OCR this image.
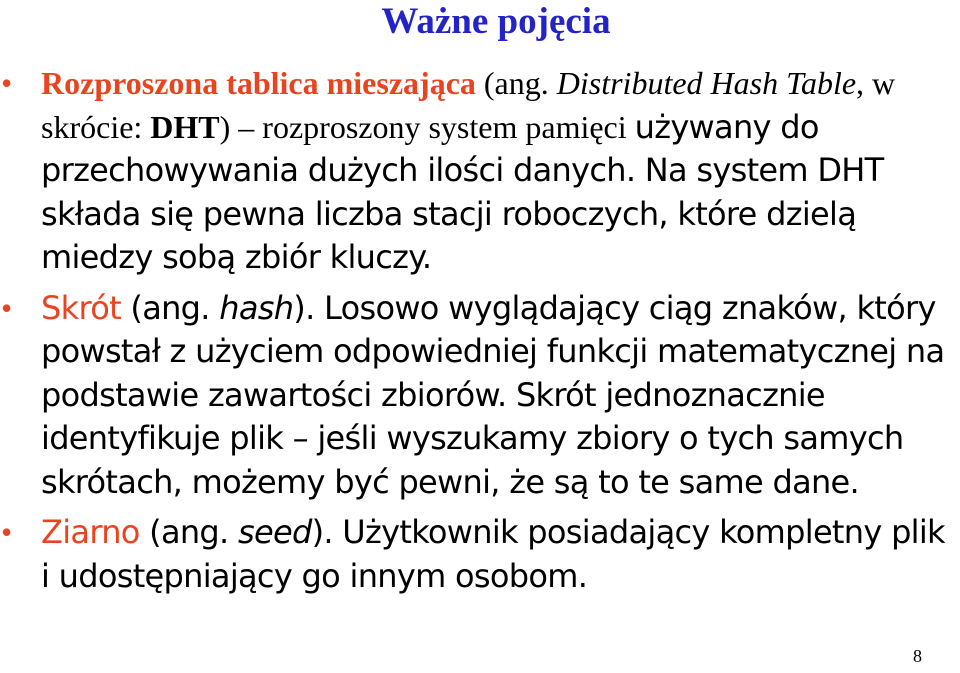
Ważne pojęcia
• Rozproszona tablica mieszająca (ang. Distributed Hash Table, w skrócie: DHT) – rozproszony system pamięci używany do przechowywania dużych ilości danych. Na system DHT składa się pewna liczba stacji roboczych, które dzielą miedzy sobą zbiór kluczy.
• Skrót (ang. hash). Losowo wyglądający ciąg znaków, który powstał z użyciem odpowiedniej funkcji matematycznej na podstawie zawartości zbiorów. Skrót jednoznacznie identyfikuje plik – jeśli wyszukamy zbiory o tych samych skrótach, możemy być pewni, że są to te same dane.
• Ziarno (ang. seed). Użytkownik posiadający kompletny plik i udostępniający go innym osobom.
8
